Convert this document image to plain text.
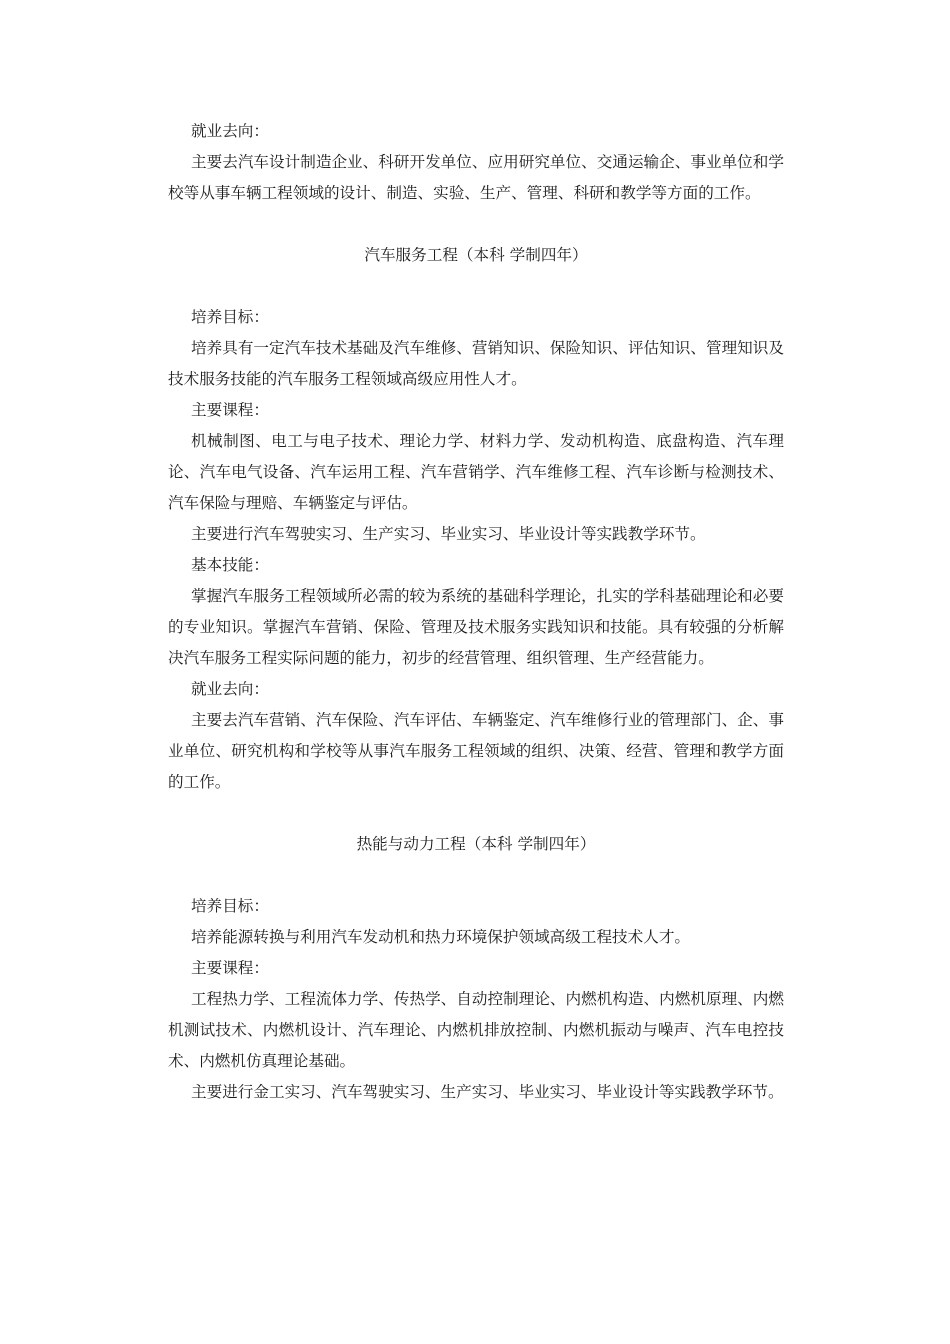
就业去向：

主要去汽车设计制造企业、科研开发单位、应用研究单位、交通运输企、事业单位和学校等从事车辆工程领域的设计、制造、实验、生产、管理、科研和教学等方面的工作。

汽车服务工程（本科 学制四年）

培养目标：

培养具有一定汽车技术基础及汽车维修、营销知识、保险知识、评估知识、管理知识及技术服务技能的汽车服务工程领域高级应用性人才。

主要课程：

机械制图、电工与电子技术、理论力学、材料力学、发动机构造、底盘构造、汽车理论、汽车电气设备、汽车运用工程、汽车营销学、汽车维修工程、汽车诊断与检测技术、汽车保险与理赔、车辆鉴定与评估。

主要进行汽车驾驶实习、生产实习、毕业实习、毕业设计等实践教学环节。

基本技能：

掌握汽车服务工程领域所必需的较为系统的基础科学理论，扎实的学科基础理论和必要的专业知识。掌握汽车营销、保险、管理及技术服务实践知识和技能。具有较强的分析解决汽车服务工程实际问题的能力，初步的经营管理、组织管理、生产经营能力。

就业去向：

主要去汽车营销、汽车保险、汽车评估、车辆鉴定、汽车维修行业的管理部门、企、事业单位、研究机构和学校等从事汽车服务工程领域的组织、决策、经营、管理和教学方面的工作。

热能与动力工程（本科 学制四年）

培养目标：

培养能源转换与利用汽车发动机和热力环境保护领域高级工程技术人才。

主要课程：

工程热力学、工程流体力学、传热学、自动控制理论、内燃机构造、内燃机原理、内燃机测试技术、内燃机设计、汽车理论、内燃机排放控制、内燃机振动与噪声、汽车电控技术、内燃机仿真理论基础。

主要进行金工实习、汽车驾驶实习、生产实习、毕业实习、毕业设计等实践教学环节。
